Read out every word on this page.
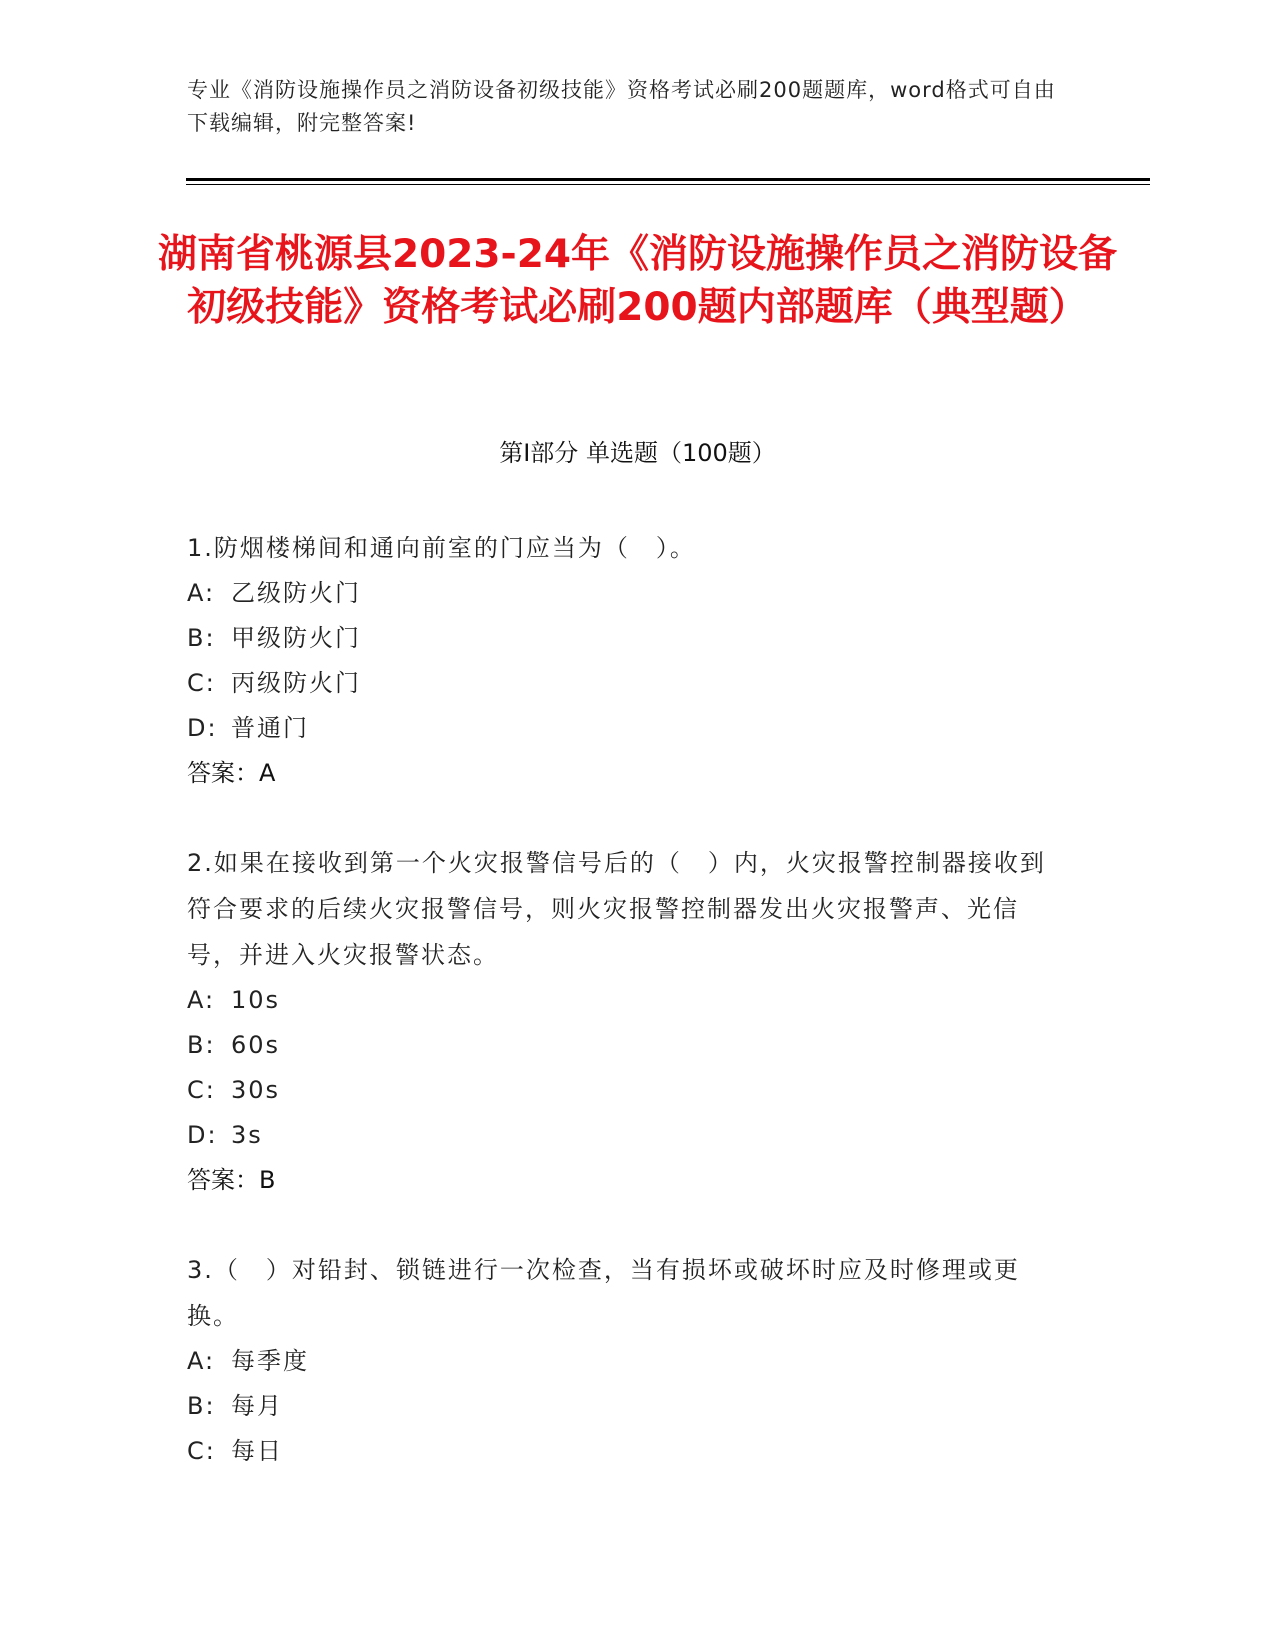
专业《消防设施操作员之消防设备初级技能》资格考试必刷200题题库，word格式可自由下载编辑，附完整答案!
湖南省桃源县2023-24年《消防设施操作员之消防设备初级技能》资格考试必刷200题内部题库（典型题）
第Ⅰ部分 单选题（100题）
1.防烟楼梯间和通向前室的门应当为（　）。
A: 乙级防火门
B: 甲级防火门
C: 丙级防火门
D: 普通门
答案：A
2.如果在接收到第一个火灾报警信号后的（　）内，火灾报警控制器接收到符合要求的后续火灾报警信号，则火灾报警控制器发出火灾报警声、光信号，并进入火灾报警状态。
A: 10s
B: 60s
C: 30s
D: 3s
答案：B
3.（　）对铅封、锁链进行一次检查，当有损坏或破坏时应及时修理或更换。
A: 每季度
B: 每月
C: 每日
